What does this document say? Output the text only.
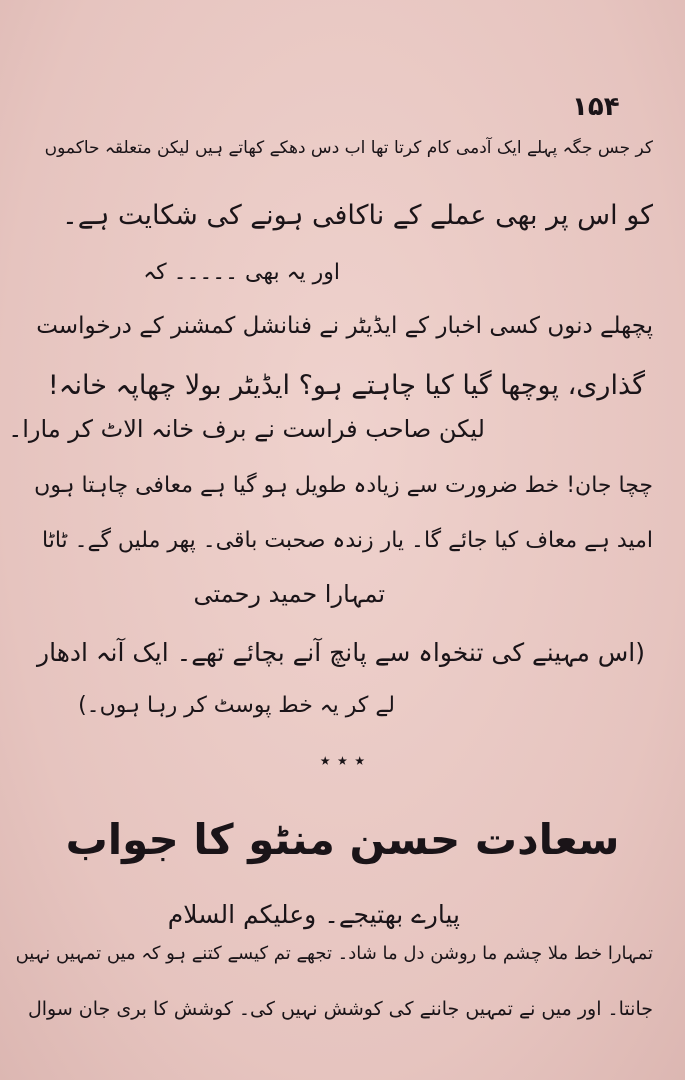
۱۵۴
کر جس جگہ پہلے ایک آدمی کام کرتا تھا اب دس دھکے کھاتے ہیں لیکن متعلقہ حاکموں
کو اس پر بھی عملے کے ناکافی ہونے کی شکایت ہے۔
اور یہ بھی ۔۔۔۔۔ کہ
پچھلے دنوں کسی اخبار کے ایڈیٹر نے فنانشل کمشنر کے درخواست
گذاری، پوچھا گیا کیا چاہتے ہو؟ ایڈیٹر بولا چھاپہ خانہ!
لیکن صاحب فراست نے برف خانہ الاٹ کر مارا۔
چچا جان! خط ضرورت سے زیادہ طویل ہو گیا ہے معافی چاہتا ہوں
امید ہے معاف کیا جائے گا۔ یار زندہ صحبت باقی۔ پھر ملیں گے۔ ٹاٹا
تمہارا حمید رحمتی
(اس مہینے کی تنخواہ سے پانچ آنے بچائے تھے۔ ایک آنہ ادھار
لے کر یہ خط پوسٹ کر رہا ہوں۔)
٭ ٭ ٭
سعادت حسن منٹو کا جواب
پیارے بھتیجے۔ وعلیکم السلام
تمہارا خط ملا چشم ما روشن دل ما شاد۔ تجھے تم کیسے کتنے ہو کہ میں تمہیں نہیں
جانتا۔ اور میں نے تمہیں جاننے کی کوشش نہیں کی۔ کوشش کا بری جان سوال
